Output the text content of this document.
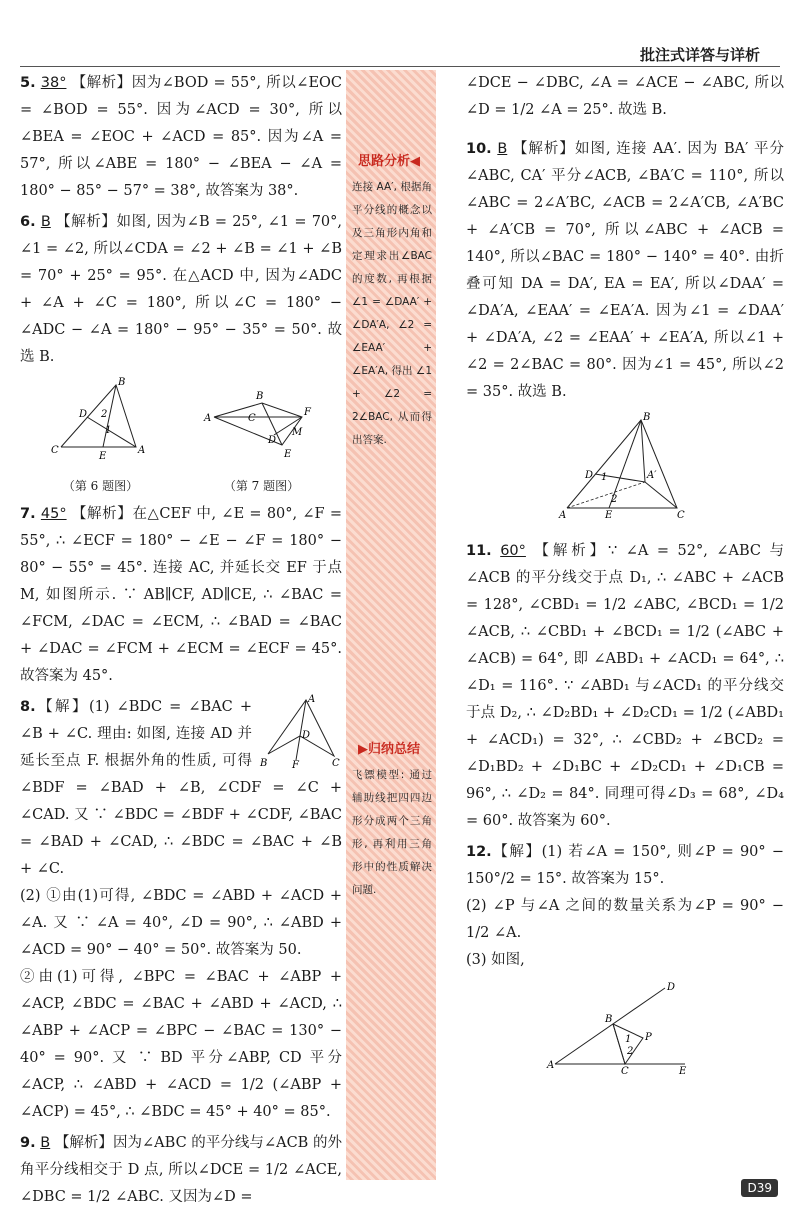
批注式详答与详析

5. 38° 【解析】因为∠BOD = 55°, 所以∠EOC = ∠BOD = 55°. 因为∠ACD = 30°, 所以∠BEA = ∠EOC + ∠ACD = 85°. 因为∠A = 57°, 所以∠ABE = 180° − ∠BEA − ∠A = 180° − 85° − 57° = 38°, 故答案为 38°.

6. B 【解析】如图, 因为∠B = 25°, ∠1 = 70°, ∠1 = ∠2, 所以∠CDA = ∠2 + ∠B = ∠1 + ∠B = 70° + 25° = 95°. 在△ACD 中, 因为∠ADC + ∠A + ∠C = 180°, 所以∠C = 180° − ∠ADC − ∠A = 180° − 95° − 35° = 50°. 故选 B.

B
D
C	A
E
2
1
（第 6 题图）
A
B
C
F
M
D
E
（第 7 题图）

7. 45° 【解析】在△CEF 中, ∠E = 80°, ∠F = 55°, ∴ ∠ECF = 180° − ∠E − ∠F = 180° − 80° − 55° = 45°. 连接 AC, 并延长交 EF 于点 M, 如图所示. ∵ AB∥CF, AD∥CE, ∴ ∠BAC = ∠FCM, ∠DAC = ∠ECM, ∴ ∠BAD = ∠BAC + ∠DAC = ∠FCM + ∠ECM = ∠ECF = 45°. 故答案为 45°.

A
B	C
D
F
8.【解】(1) ∠BDC = ∠BAC + ∠B + ∠C. 理由: 如图, 连接 AD 并延长至点 F. 根据外角的性质, 可得∠BDF = ∠BAD + ∠B, ∠CDF = ∠C + ∠CAD. 又 ∵ ∠BDC = ∠BDF + ∠CDF, ∠BAC = ∠BAD + ∠CAD, ∴ ∠BDC = ∠BAC + ∠B + ∠C.
(2) ①由(1)可得, ∠BDC = ∠ABD + ∠ACD + ∠A. 又 ∵ ∠A = 40°, ∠D = 90°, ∴ ∠ABD + ∠ACD = 90° − 40° = 50°. 故答案为 50.
②由(1)可得, ∠BPC = ∠BAC + ∠ABP + ∠ACP, ∠BDC = ∠BAC + ∠ABD + ∠ACD, ∴ ∠ABP + ∠ACP = ∠BPC − ∠BAC = 130° − 40° = 90°. 又 ∵ BD 平分∠ABP, CD 平分∠ACP, ∴ ∠ABD + ∠ACD = 1/2 (∠ABP + ∠ACP) = 45°, ∴ ∠BDC = 45° + 40° = 85°.

9. B 【解析】因为∠ABC 的平分线与∠ACB 的外角平分线相交于 D 点, 所以∠DCE = 1/2 ∠ACE, ∠DBC = 1/2 ∠ABC. 又因为∠D =

思路分析◀
连接 AA′, 根据角平分线的概念以及三角形内角和定理求出∠BAC 的度数, 再根据∠1 = ∠DAA′ + ∠DA′A, ∠2 = ∠EAA′ + ∠EA′A, 得出 ∠1 + ∠2 = 2∠BAC, 从而得出答案.
▶归纳总结
飞镖模型: 通过辅助线把四四边形分成两个三角形, 再利用三角形中的性质解决问题.

∠DCE − ∠DBC, ∠A = ∠ACE − ∠ABC, 所以∠D = 1/2 ∠A = 25°. 故选 B.

10. B 【解析】如图, 连接 AA′. 因为 BA′ 平分∠ABC, CA′ 平分∠ACB, ∠BA′C = 110°, 所以∠ABC = 2∠A′BC, ∠ACB = 2∠A′CB, ∠A′BC + ∠A′CB = 70°, 所以∠ABC + ∠ACB = 140°, 所以∠BAC = 180° − 140° = 40°. 由折叠可知 DA = DA′, EA = EA′, 所以∠DAA′ = ∠DA′A, ∠EAA′ = ∠EA′A. 因为∠1 = ∠DAA′ + ∠DA′A, ∠2 = ∠EAA′ + ∠EA′A, 所以∠1 + ∠2 = 2∠BAC = 80°. 因为∠1 = 45°, 所以∠2 = 35°. 故选 B.

B
D	A′
A	E	C
1
2

11. 60° 【解析】∵ ∠A = 52°, ∠ABC 与∠ACB 的平分线交于点 D₁, ∴ ∠ABC + ∠ACB = 128°, ∠CBD₁ = 1/2 ∠ABC, ∠BCD₁ = 1/2 ∠ACB, ∴ ∠CBD₁ + ∠BCD₁ = 1/2 (∠ABC + ∠ACB) = 64°, 即 ∠ABD₁ + ∠ACD₁ = 64°, ∴ ∠D₁ = 116°. ∵ ∠ABD₁ 与∠ACD₁ 的平分线交于点 D₂, ∴ ∠D₂BD₁ + ∠D₂CD₁ = 1/2 (∠ABD₁ + ∠ACD₁) = 32°, ∴ ∠CBD₂ + ∠BCD₂ = ∠D₁BD₂ + ∠D₁BC + ∠D₂CD₁ + ∠D₁CB = 96°, ∴ ∠D₂ = 84°. 同理可得∠D₃ = 68°, ∠D₄ = 60°. 故答案为 60°.

12.【解】(1) 若∠A = 150°, 则∠P = 90° − 150°/2 = 15°. 故答案为 15°.
(2) ∠P 与∠A 之间的数量关系为∠P = 90° − 1/2 ∠A.
(3) 如图,
A
B
D
P
C	E
1
2
D39
